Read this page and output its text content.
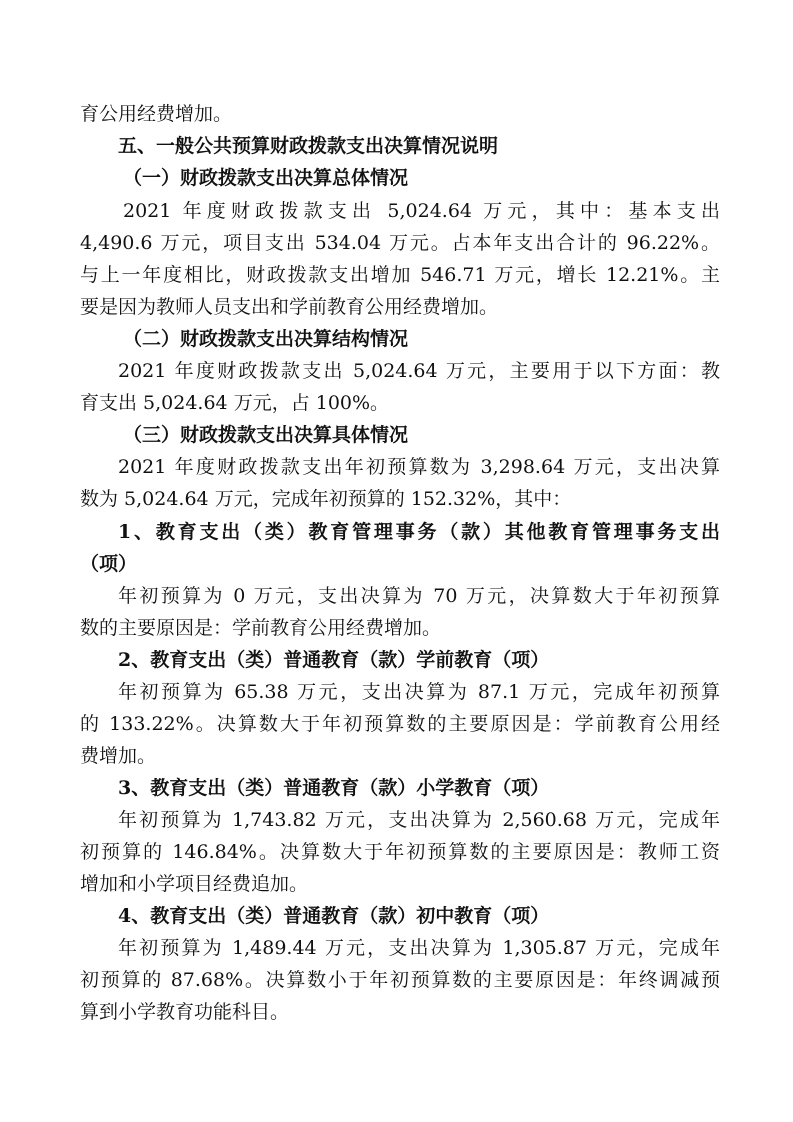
育公用经费增加。
五、一般公共预算财政拨款支出决算情况说明
（一）财政拨款支出决算总体情况
2021 年度财政拨款支出 5,024.64 万元，其中：基本支出
4,490.6 万元，项目支出 534.04 万元。占本年支出合计的 96.22%。
与上一年度相比，财政拨款支出增加 546.71 万元，增长 12.21%。主
要是因为教师人员支出和学前教育公用经费增加。
（二）财政拨款支出决算结构情况
2021 年度财政拨款支出 5,024.64 万元，主要用于以下方面：教
育支出 5,024.64 万元，占 100%。
（三）财政拨款支出决算具体情况
2021 年度财政拨款支出年初预算数为 3,298.64 万元，支出决算
数为 5,024.64 万元，完成年初预算的 152.32%，其中：
1、教育支出（类）教育管理事务（款）其他教育管理事务支出
（项）
年初预算为 0 万元，支出决算为 70 万元，决算数大于年初预算
数的主要原因是：学前教育公用经费增加。
2、教育支出（类）普通教育（款）学前教育（项）
年初预算为 65.38 万元，支出决算为 87.1 万元，完成年初预算
的 133.22%。决算数大于年初预算数的主要原因是：学前教育公用经
费增加。
3、教育支出（类）普通教育（款）小学教育（项）
年初预算为 1,743.82 万元，支出决算为 2,560.68 万元，完成年
初预算的 146.84%。决算数大于年初预算数的主要原因是：教师工资
增加和小学项目经费追加。
4、教育支出（类）普通教育（款）初中教育（项）
年初预算为 1,489.44 万元，支出决算为 1,305.87 万元，完成年
初预算的 87.68%。决算数小于年初预算数的主要原因是：年终调减预
算到小学教育功能科目。
